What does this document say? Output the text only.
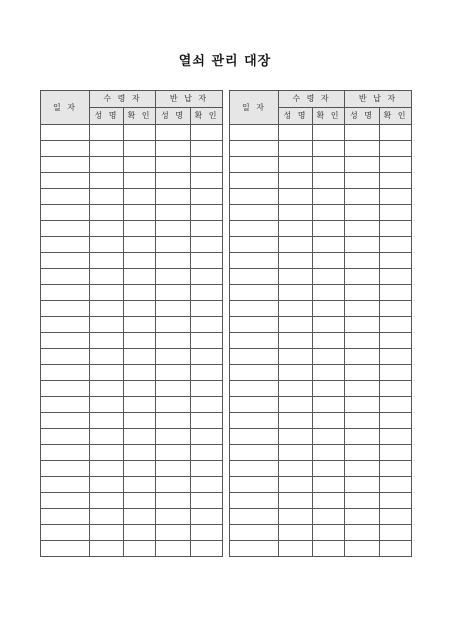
열쇠 관리 대장
일 자	수 령 자		반 납 자	
	성 명	확 인	성 명	확 인

일 자	수 령 자		반 납 자	
	성 명	확 인	성 명	확 인
